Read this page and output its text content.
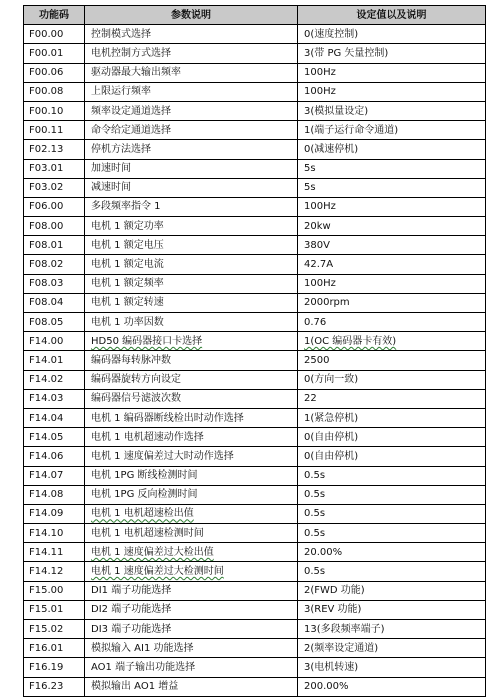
功能码	参数说明	设定值以及说明
F00.00	控制模式选择	0(速度控制)
F00.01	电机控制方式选择	3(带 PG 矢量控制)
F00.06	驱动器最大输出频率	100Hz
F00.08	上限运行频率	100Hz
F00.10	频率设定通道选择	3(模拟量设定)
F00.11	命令给定通道选择	1(端子运行命令通道)
F02.13	停机方法选择	0(减速停机)
F03.01	加速时间	5s
F03.02	减速时间	5s
F06.00	多段频率指令 1	100Hz
F08.00	电机 1 额定功率	20kw
F08.01	电机 1 额定电压	380V
F08.02	电机 1 额定电流	42.7A
F08.03	电机 1 额定频率	100Hz
F08.04	电机 1 额定转速	2000rpm
F08.05	电机 1 功率因数	0.76
F14.00	HD50 编码器接口卡选择	1(OC 编码器卡有效)
F14.01	编码器每转脉冲数	2500
F14.02	编码器旋转方向设定	0(方向一致)
F14.03	编码器信号滤波次数	22
F14.04	电机 1 编码器断线检出时动作选择	1(紧急停机)
F14.05	电机 1 电机超速动作选择	0(自由停机)
F14.06	电机 1 速度偏差过大时动作选择	0(自由停机)
F14.07	电机 1PG 断线检测时间	0.5s
F14.08	电机 1PG 反向检测时间	0.5s
F14.09	电机 1 电机超速检出值	0.5s
F14.10	电机 1 电机超速检测时间	0.5s
F14.11	电机 1 速度偏差过大检出值	20.00%
F14.12	电机 1 速度偏差过大检测时间	0.5s
F15.00	DI1 端子功能选择	2(FWD 功能)
F15.01	DI2 端子功能选择	3(REV 功能)
F15.02	DI3 端子功能选择	13(多段频率端子)
F16.01	模拟输入 AI1 功能选择	2(频率设定通道)
F16.19	AO1 端子输出功能选择	3(电机转速)
F16.23	模拟输出 AO1 增益	200.00%
